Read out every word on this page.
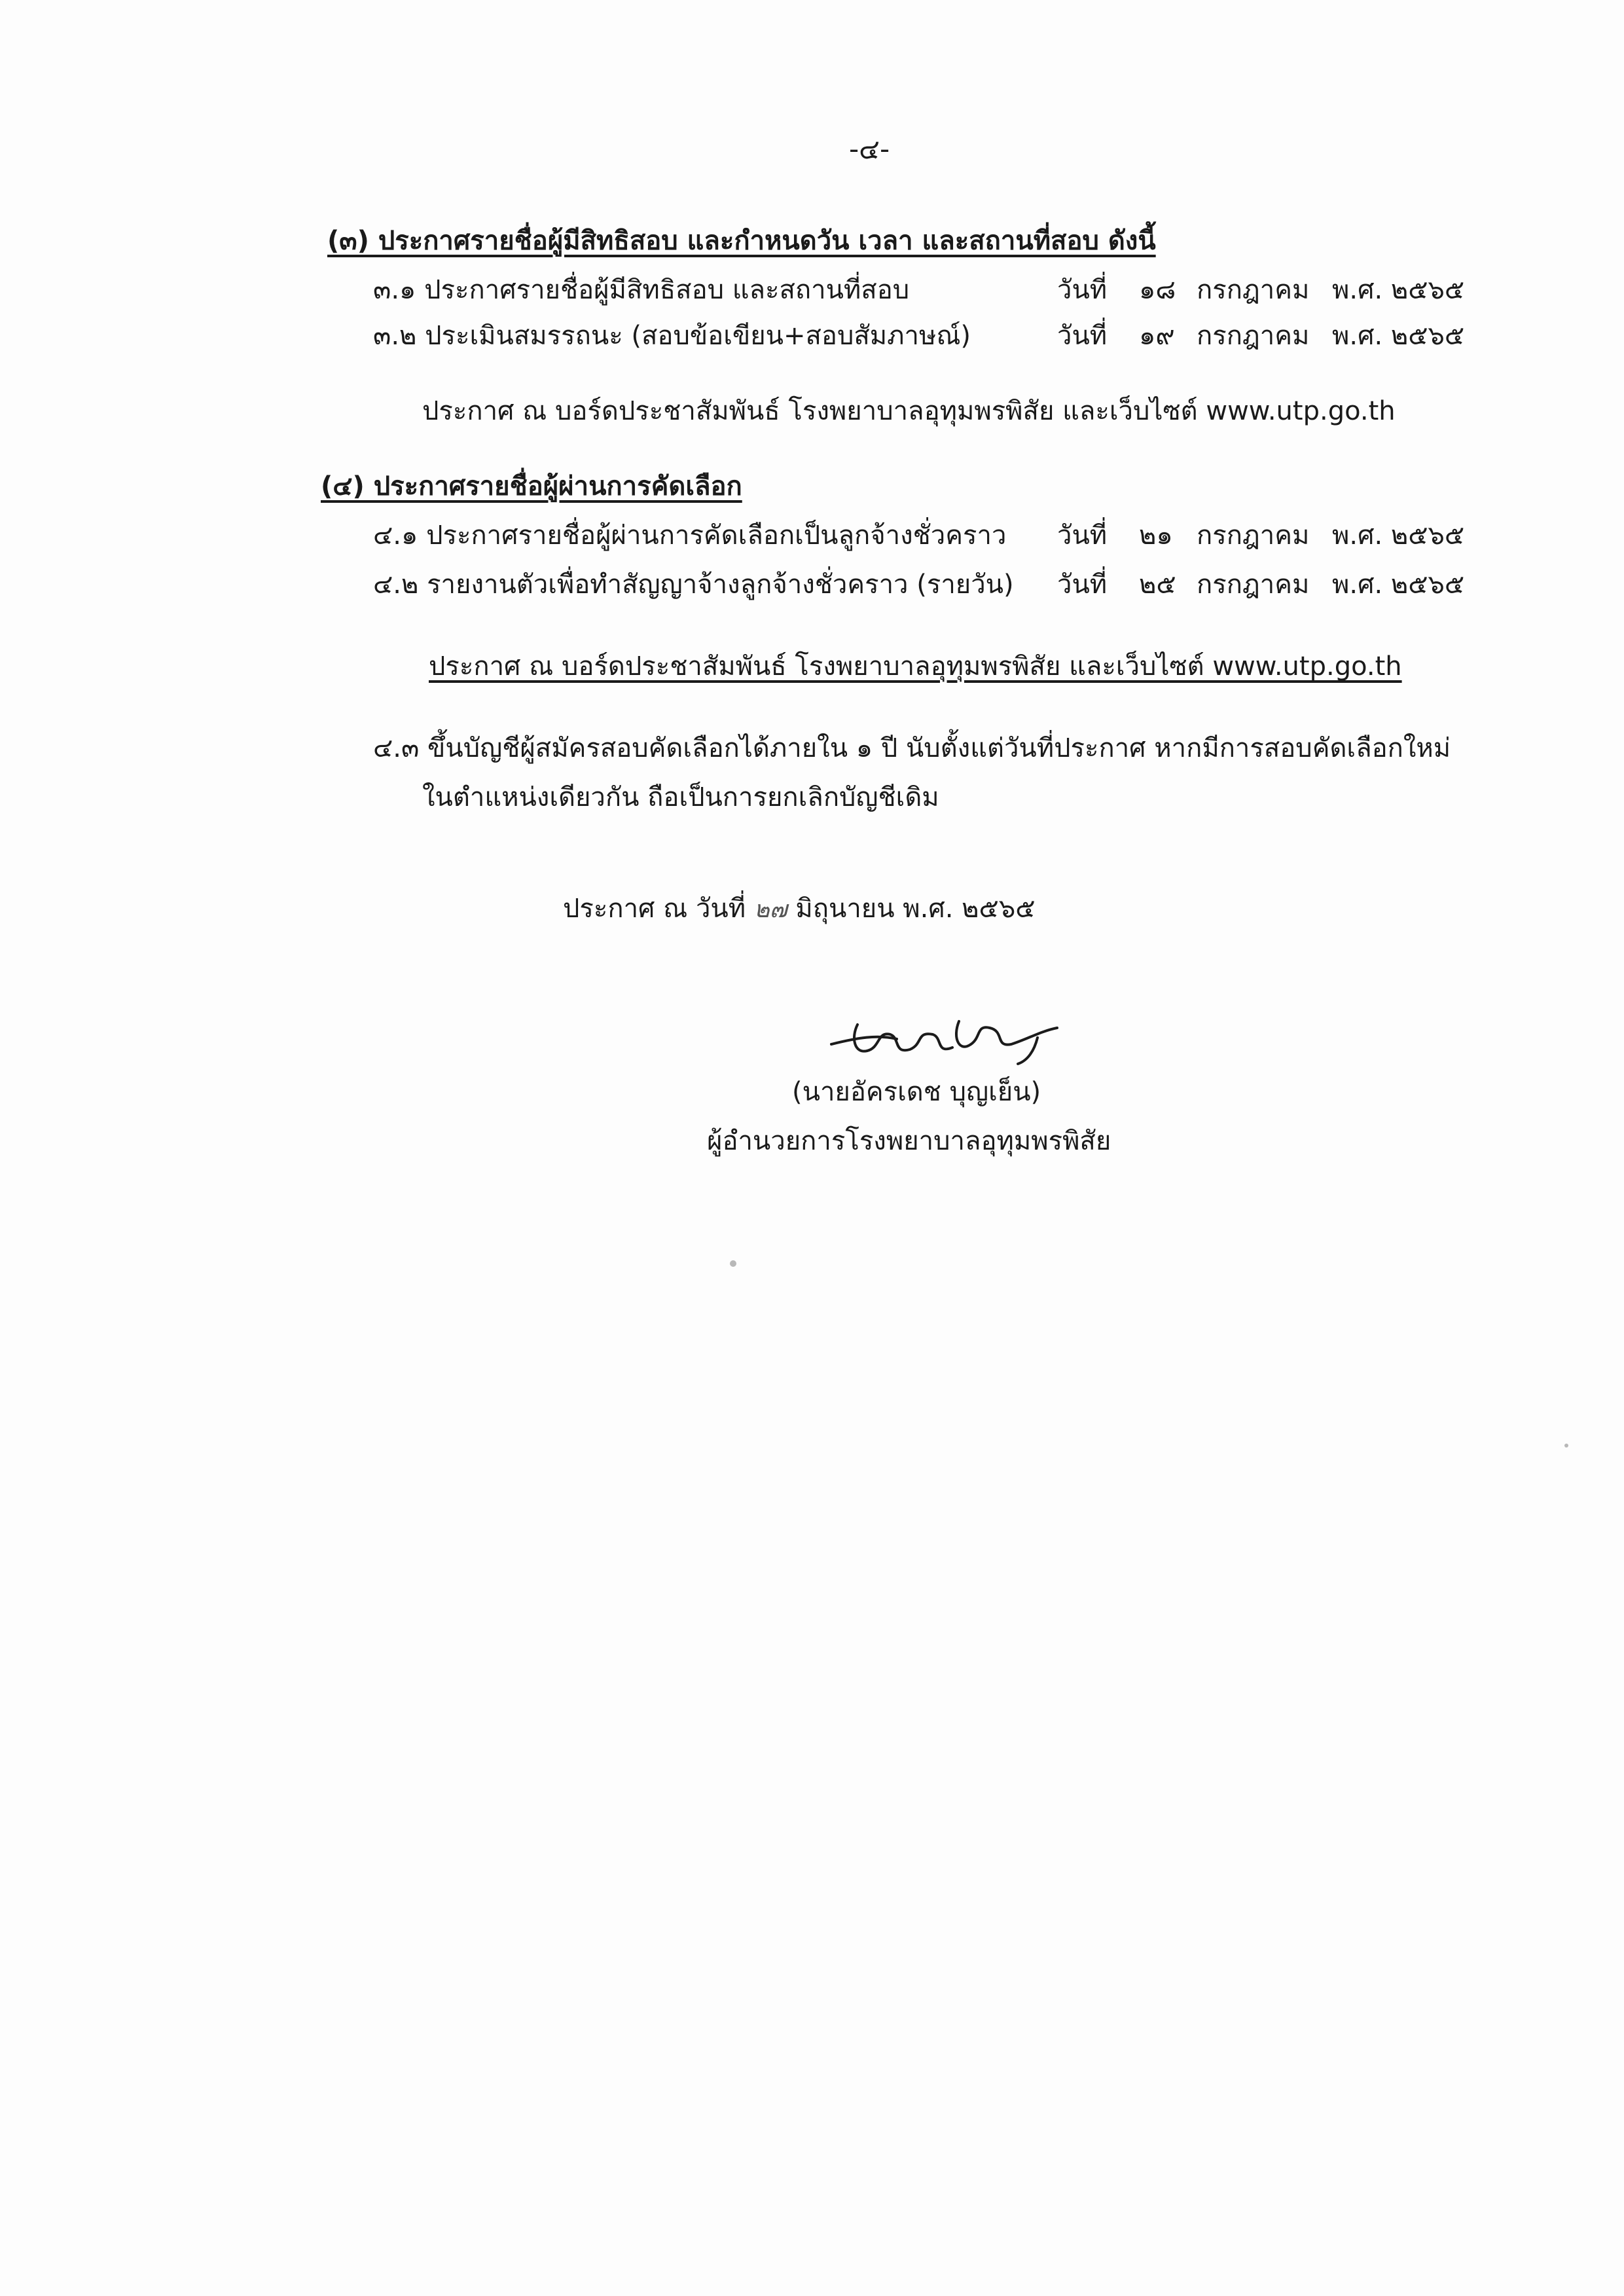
-๔-
(๓) ประกาศรายชื่อผู้มีสิทธิสอบ และกำหนดวัน เวลา และสถานที่สอบ ดังนี้
๓.๑ ประกาศรายชื่อผู้มีสิทธิสอบ และสถานที่สอบ	วันที่ ๑๘ กรกฎาคม พ.ศ. ๒๕๖๕
๓.๒ ประเมินสมรรถนะ (สอบข้อเขียน+สอบสัมภาษณ์)	วันที่ ๑๙ กรกฎาคม พ.ศ. ๒๕๖๕
ประกาศ ณ บอร์ดประชาสัมพันธ์ โรงพยาบาลอุทุมพรพิสัย และเว็บไซต์ www.utp.go.th
(๔) ประกาศรายชื่อผู้ผ่านการคัดเลือก
๔.๑ ประกาศรายชื่อผู้ผ่านการคัดเลือกเป็นลูกจ้างชั่วคราว วันที่ ๒๑ กรกฎาคม พ.ศ. ๒๕๖๕
๔.๒ รายงานตัวเพื่อทำสัญญาจ้างลูกจ้างชั่วคราว (รายวัน) วันที่ ๒๕ กรกฎาคม พ.ศ. ๒๕๖๕
ประกาศ ณ บอร์ดประชาสัมพันธ์ โรงพยาบาลอุทุมพรพิสัย และเว็บไซต์ www.utp.go.th
๔.๓ ขึ้นบัญชีผู้สมัครสอบคัดเลือกได้ภายใน ๑ ปี นับตั้งแต่วันที่ประกาศ หากมีการสอบคัดเลือกใหม่
ในตำแหน่งเดียวกัน ถือเป็นการยกเลิกบัญชีเดิม
ประกาศ ณ วันที่ ๒๗ มิถุนายน พ.ศ. ๒๕๖๕
(นายอัครเดช บุญเย็น)
ผู้อำนวยการโรงพยาบาลอุทุมพรพิสัย
